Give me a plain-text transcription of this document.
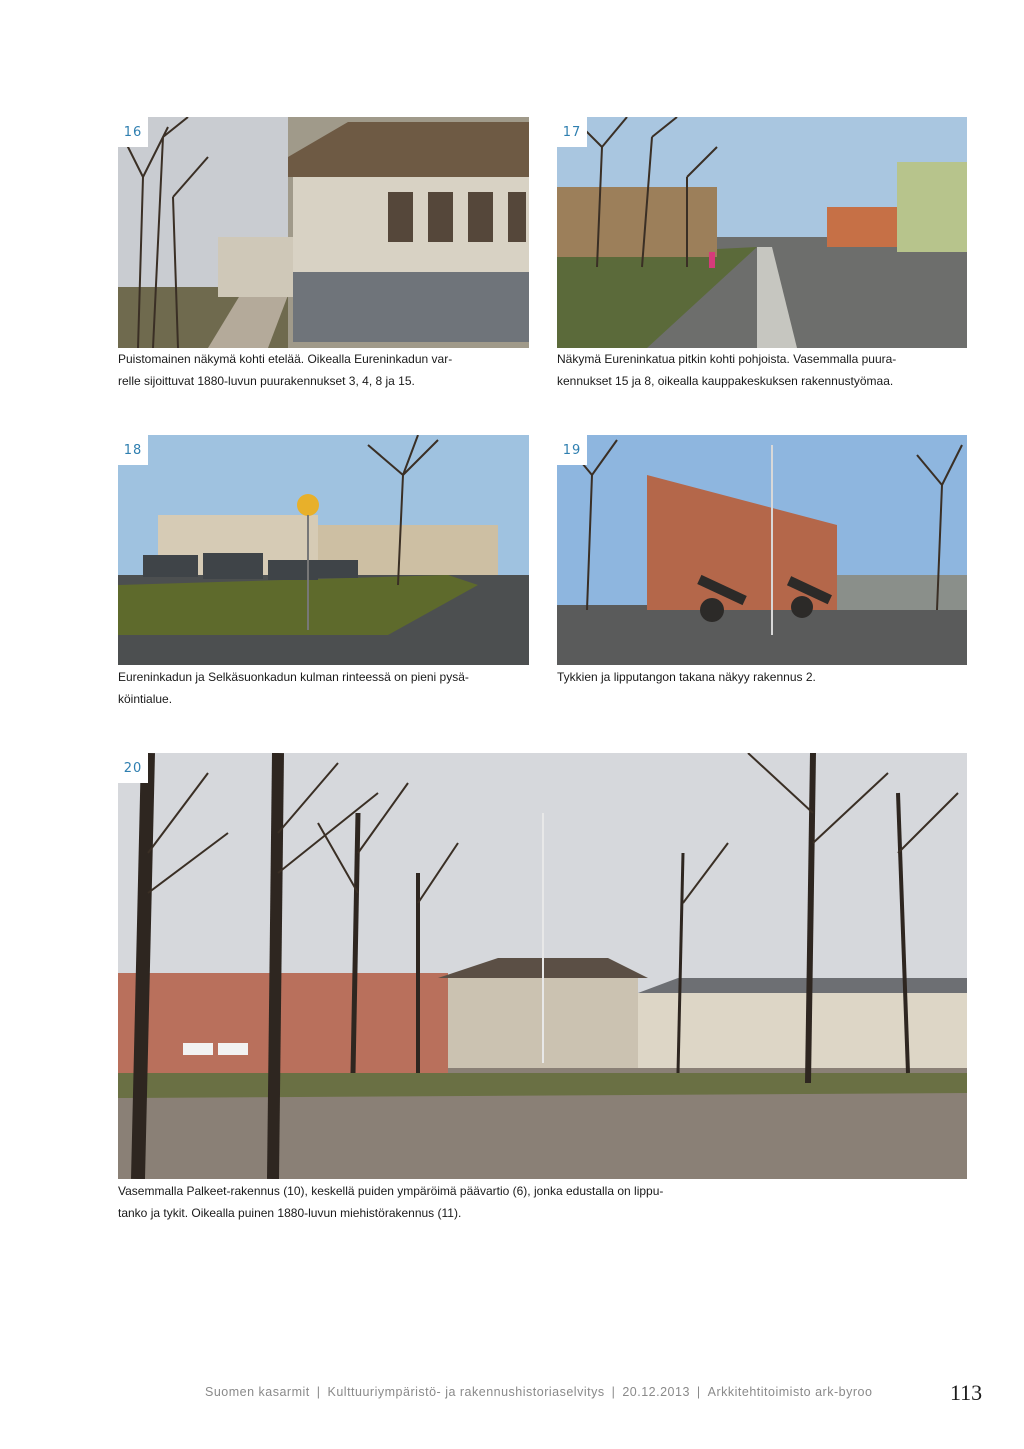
16
Puistomainen näkymä kohti etelää. Oikealla Eureninkadun var-
relle sijoittuvat 1880-luvun puurakennukset 3, 4, 8 ja 15.
17
Näkymä Eureninkatua pitkin kohti pohjoista. Vasemmalla puura-
kennukset 15 ja 8, oikealla kauppakeskuksen rakennustyömaa.
18
Eureninkadun ja Selkäsuonkadun kulman rinteessä on pieni pysä-
köintialue.
19
Tykkien ja lipputangon takana näkyy rakennus 2.
20
Vasemmalla Palkeet-rakennus (10), keskellä puiden ympäröimä päävartio (6), jonka edustalla on lippu-
tanko ja tykit. Oikealla puinen 1880-luvun miehistörakennus (11).
Suomen kasarmit | Kulttuuriympäristö- ja rakennushistoriaselvitys | 20.12.2013 | Arkkitehtitoimisto ark-byroo	113
